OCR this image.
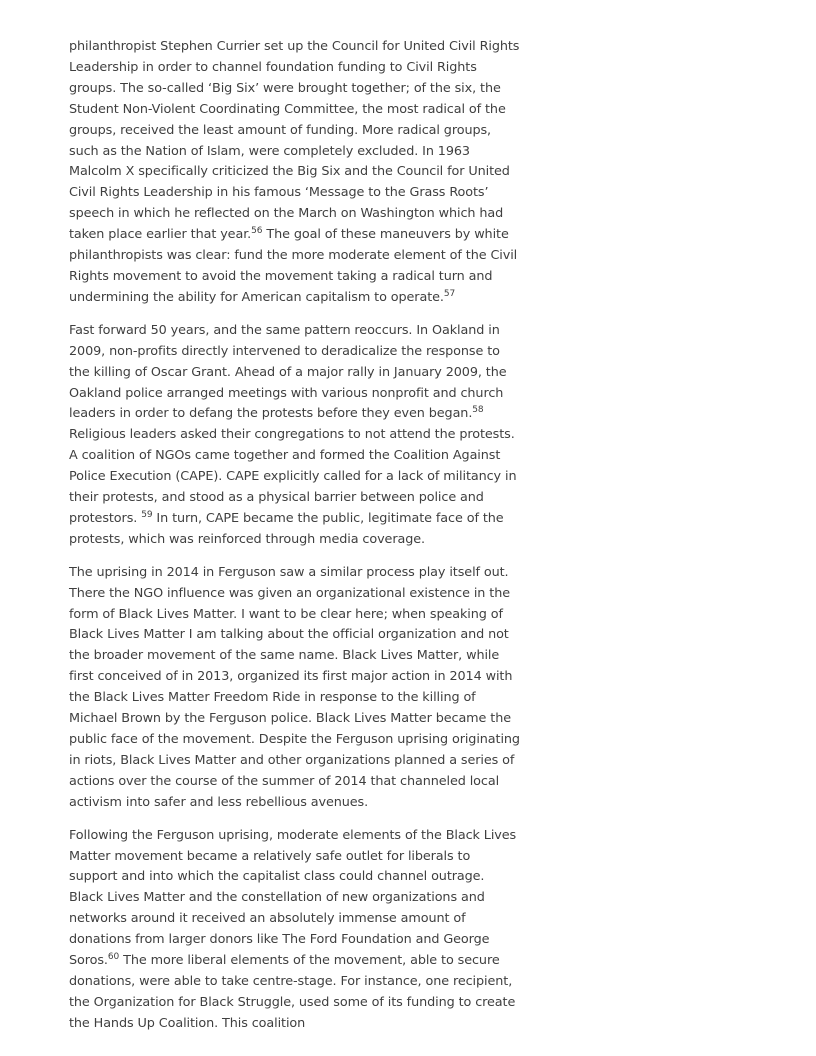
philanthropist Stephen Currier set up the Council for United Civil Rights Leadership in order to channel foundation funding to Civil Rights groups. The so-called ‘Big Six’ were brought together; of the six, the Student Non-Violent Coordinating Committee, the most radical of the groups, received the least amount of funding. More radical groups, such as the Nation of Islam, were completely excluded. In 1963 Malcolm X specifically criticized the Big Six and the Council for United Civil Rights Leadership in his famous ‘Message to the Grass Roots’ speech in which he reflected on the March on Washington which had taken place earlier that year.$^{56}$ The goal of these maneuvers by white philanthropists was clear: fund the more moderate element of the Civil Rights movement to avoid the movement taking a radical turn and undermining the ability for American capitalism to operate.$^{57}$

Fast forward 50 years, and the same pattern reoccurs. In Oakland in 2009, non-profits directly intervened to deradicalize the response to the killing of Oscar Grant. Ahead of a major rally in January 2009, the Oakland police arranged meetings with various nonprofit and church leaders in order to defang the protests before they even began.$^{58}$ Religious leaders asked their congregations to not attend the protests. A coalition of NGOs came together and formed the Coalition Against Police Execution (CAPE). CAPE explicitly called for a lack of militancy in their protests, and stood as a physical barrier between police and protestors. $^{59}$ In turn, CAPE became the public, legitimate face of the protests, which was reinforced through media coverage.

The uprising in 2014 in Ferguson saw a similar process play itself out. There the NGO influence was given an organizational existence in the form of Black Lives Matter. I want to be clear here; when speaking of Black Lives Matter I am talking about the official organization and not the broader movement of the same name. Black Lives Matter, while first conceived of in 2013, organized its first major action in 2014 with the Black Lives Matter Freedom Ride in response to the killing of Michael Brown by the Ferguson police. Black Lives Matter became the public face of the movement. Despite the Ferguson uprising originating in riots, Black Lives Matter and other organizations planned a series of actions over the course of the summer of 2014 that channeled local activism into safer and less rebellious avenues.

Following the Ferguson uprising, moderate elements of the Black Lives Matter movement became a relatively safe outlet for liberals to support and into which the capitalist class could channel outrage. Black Lives Matter and the constellation of new organizations and networks around it received an absolutely immense amount of donations from larger donors like The Ford Foundation and George Soros.$^{60}$ The more liberal elements of the movement, able to secure donations, were able to take centre-stage. For instance, one recipient, the Organization for Black Struggle, used some of its funding to create the Hands Up Coalition. This coalition
